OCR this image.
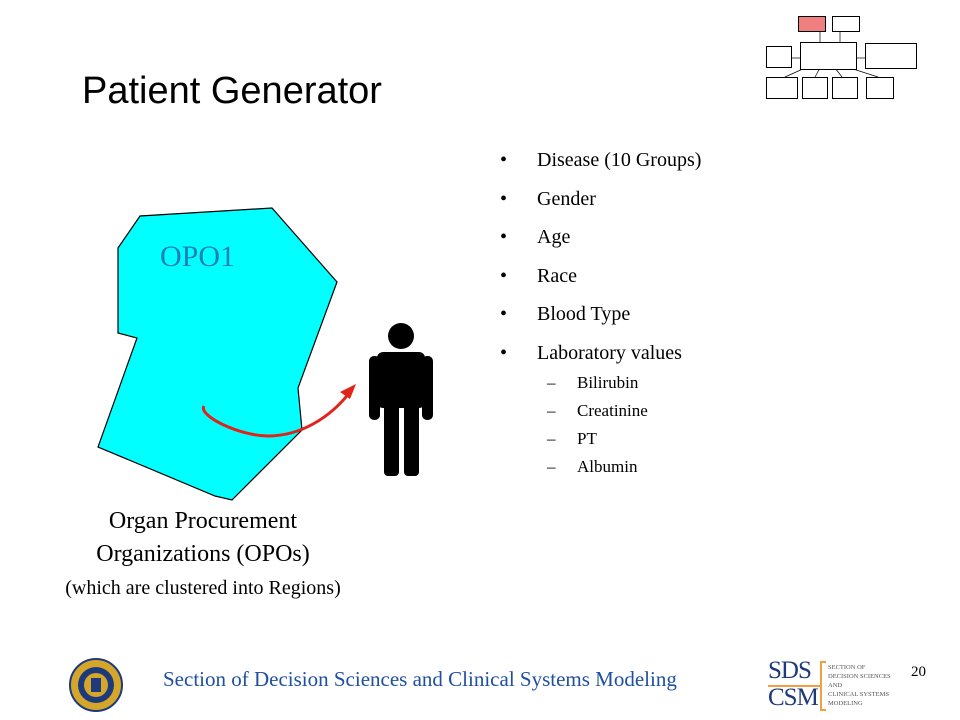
Patient Generator
OPO1
• Disease (10 Groups)
• Gender
• Age
• Race
• Blood Type
• Laboratory values
– Bilirubin
– Creatinine
– PT
– Albumin
Organ Procurement Organizations (OPOs)
(which are clustered into Regions)
Section of Decision Sciences and Clinical Systems Modeling	SDS
CSM
SECTION OF
DECISION SCIENCES
AND
CLINICAL SYSTEMS
MODELING
20
